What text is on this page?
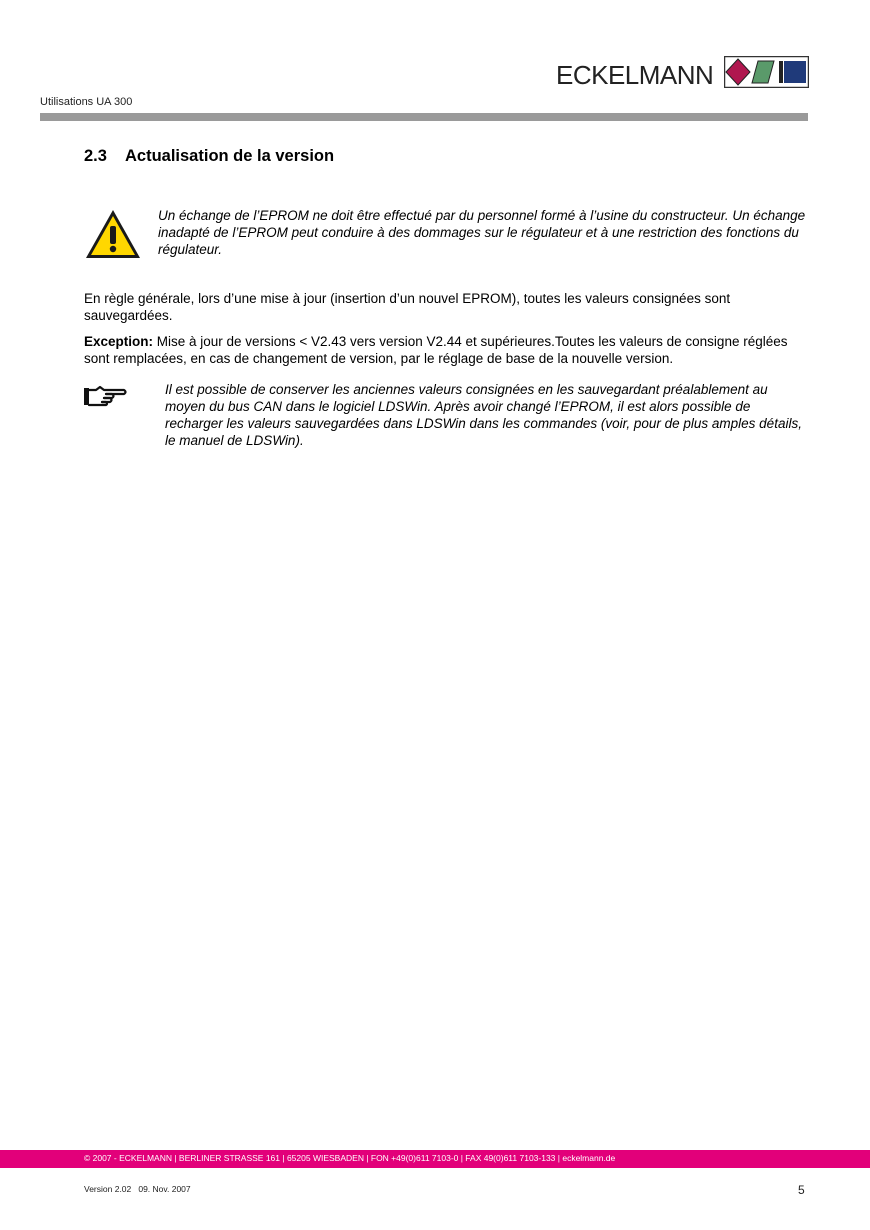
ECKELMANN
Utilisations UA 300
2.3 Actualisation de la version
Un échange de l’EPROM ne doit être effectué par du personnel formé à l’usine du constructeur. Un échange inadapté de l’EPROM peut conduire à des dommages sur le régulateur et à une restriction des fonctions du régulateur.
En règle générale, lors d’une mise à jour (insertion d’un nouvel EPROM), toutes les valeurs consignées sont sauvegardées.
Exception: Mise à jour de versions < V2.43 vers version V2.44 et supérieures.Toutes les valeurs de consigne réglées sont remplacées, en cas de changement de version, par le réglage de base de la nouvelle version.
Il est possible de conserver les anciennes valeurs consignées en les sauvegardant préalablement au moyen du bus CAN dans le logiciel LDSWin. Après avoir changé l’EPROM, il est alors possible de recharger les valeurs sauvegardées dans LDSWin dans les commandes (voir, pour de plus amples détails, le manuel de LDSWin).
© 2007 - ECKELMANN | BERLINER STRASSE 161 | 65205 WIESBADEN | FON +49(0)611 7103-0 | FAX 49(0)611 7103-133 | eckelmann.de
Version 2.02   09. Nov. 2007	5
